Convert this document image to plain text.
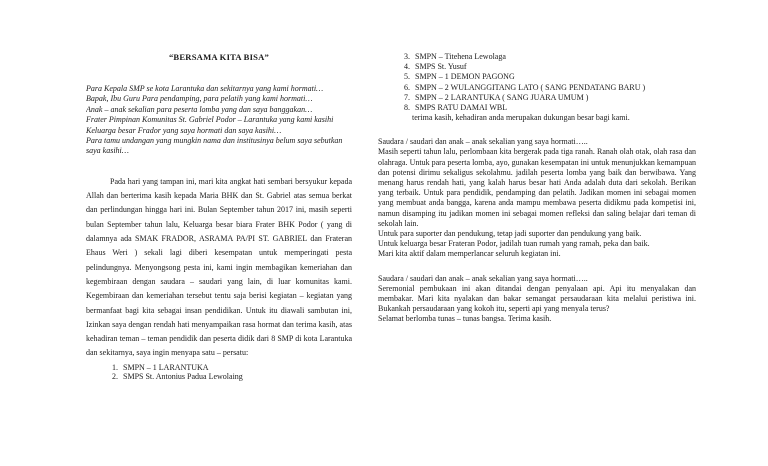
“BERSAMA KITA BISA”
Para Kepala SMP se kota Larantuka dan sekitarnya yang kami hormati…
Bapak, Ibu Guru Para pendamping, para pelatih yang kami hormati…
Anak – anak sekalian para peserta lomba yang dan saya banggakan…
Frater Pimpinan Komunitas St. Gabriel Podor – Larantuka yang kami kasihi
Keluarga besar Frador yang saya hormati dan saya kasihi…
Para tamu undangan yang mungkin nama dan institusinya belum saya sebutkan
saya kasihi…

Pada hari yang tampan ini, mari kita angkat hati sembari bersyukur kepada Allah dan berterima kasih kepada Maria BHK dan St. Gabriel atas semua berkat dan perlindungan hingga hari ini. Bulan September tahun 2017 ini, masih seperti bulan September tahun lalu, Keluarga besar biara Frater BHK Podor ( yang di dalamnya ada SMAK FRADOR, ASRAMA PA/PI ST. GABRIEL dan Frateran Ehaus Weri ) sekali lagi diberi kesempatan untuk memperingati pesta pelindungnya. Menyongsong pesta ini, kami ingin membagikan kemeriahan dan kegembiraan dengan saudara – saudari yang lain, di luar komunitas kami. Kegembiraan dan kemeriahan tersebut tentu saja berisi kegiatan – kegiatan yang bermanfaat bagi kita sebagai insan pendidikan. Untuk itu diawali sambutan ini, Izinkan saya dengan rendah hati menyampaikan rasa hormat dan terima kasih, atas kehadiran teman – teman pendidik dan peserta didik dari 8 SMP di kota Larantuka dan sekitarnya, saya ingin menyapa satu – persatu:

1. SMPN – 1 LARANTUKA
2. SMPS St. Antonius Padua Lewolaing
3. SMPN – Titehena Lewolaga
4. SMPS St. Yusuf
5. SMPN – 1 DEMON PAGONG
6. SMPN – 2 WULANGGITANG LATO ( SANG PENDATANG BARU )
7. SMPN – 2 LARANTUKA ( SANG JUARA UMUM )
8. SMPS RATU DAMAI WBL

terima kasih, kehadiran anda merupakan dukungan besar bagi kami.

Saudara / saudari dan anak – anak sekalian yang saya hormati…..

Masih seperti tahun lalu, perlombaan kita bergerak pada tiga ranah. Ranah olah otak, olah rasa dan olahraga. Untuk para peserta lomba, ayo, gunakan kesempatan ini untuk menunjukkan kemampuan dan potensi dirimu sekaligus sekolahmu. jadilah peserta lomba yang baik dan berwibawa. Yang menang harus rendah hati, yang kalah harus besar hati Anda adalah duta dari sekolah. Berikan yang terbaik. Untuk para pendidik, pendamping dan pelatih. Jadikan momen ini sebagai momen yang membuat anda bangga, karena anda mampu membawa peserta didikmu pada kompetisi ini, namun disamping itu jadikan momen ini sebagai momen refleksi dan saling belajar dari teman di sekolah lain.

Untuk para suporter dan pendukung, tetap jadi suporter dan pendukung yang baik.

Untuk keluarga besar Frateran Podor, jadilah tuan rumah yang ramah, peka dan baik.

Mari kita aktif dalam memperlancar seluruh kegiatan ini.

Saudara / saudari dan anak – anak sekalian yang saya hormati…..

Seremonial pembukaan ini akan ditandai dengan penyalaan api. Api itu menyalakan dan membakar. Mari kita nyalakan dan bakar semangat persaudaraan kita melalui peristiwa ini. Bukankah persaudaraan yang kokoh itu, seperti api yang menyala terus?

Selamat berlomba tunas – tunas bangsa. Terima kasih.
